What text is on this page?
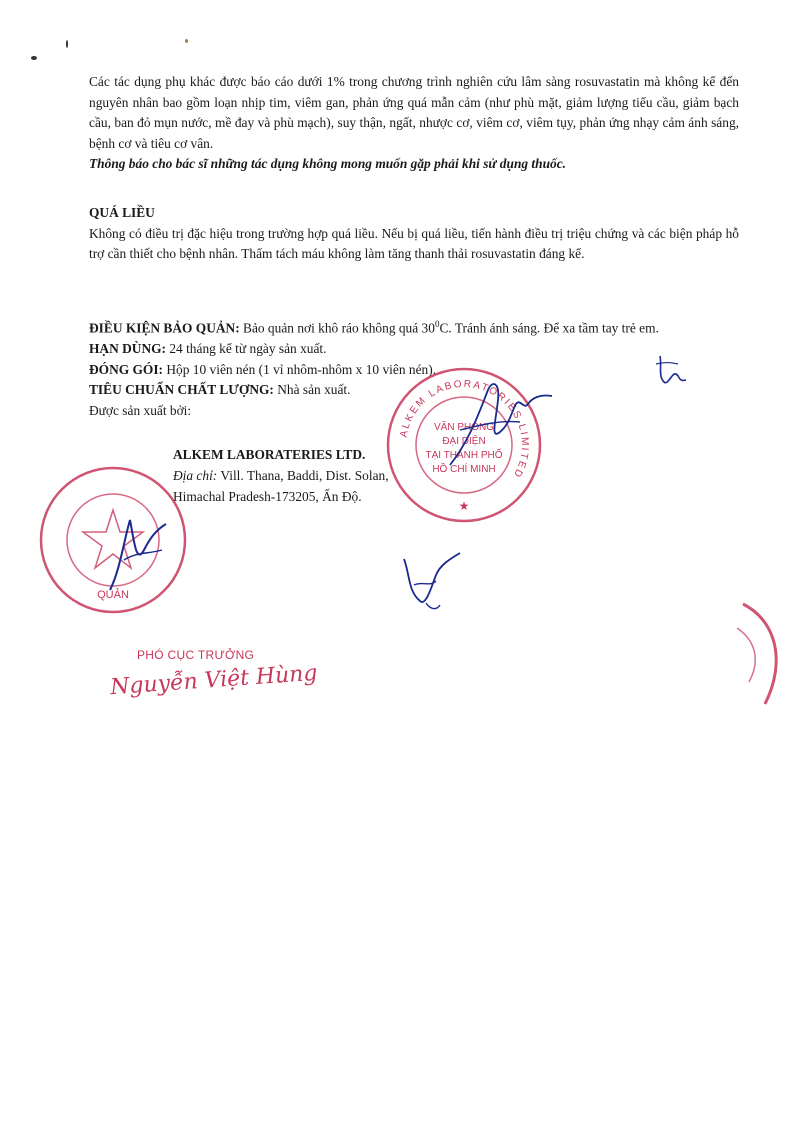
Các tác dụng phụ khác được báo cáo dưới 1% trong chương trình nghiên cứu lâm sàng rosuvastatin mà không kể đến nguyên nhân bao gồm loạn nhịp tim, viêm gan, phản ứng quá mẫn cảm (như phù mặt, giảm lượng tiểu cầu, giảm bạch cầu, ban đỏ mụn nước, mề đay và phù mạch), suy thận, ngất, nhược cơ, viêm cơ, viêm tụy, phản ứng nhạy cảm ánh sáng, bệnh cơ và tiêu cơ vân.

Thông báo cho bác sĩ những tác dụng không mong muốn gặp phải khi sử dụng thuốc.

QUÁ LIỀU

Không có điều trị đặc hiệu trong trường hợp quá liều. Nếu bị quá liều, tiến hành điều trị triệu chứng và các biện pháp hỗ trợ cần thiết cho bệnh nhân. Thẩm tách máu không làm tăng thanh thải rosuvastatin đáng kể.

ĐIỀU KIỆN BẢO QUẢN: Bảo quản nơi khô ráo không quá $30^0C$. Tránh ánh sáng. Để xa tầm tay trẻ em.

HẠN DÙNG: 24 tháng kể từ ngày sản xuất.

ĐÓNG GÓI: Hộp 10 viên nén (1 vỉ nhôm-nhôm x 10 viên nén).

TIÊU CHUẨN CHẤT LƯỢNG: Nhà sản xuất.

Được sản xuất bởi:

ALKEM LABORATERIES LTD.
Địa chỉ: Vill. Thana, Baddi, Dist. Solan,
Himachal Pradesh-173205, Ấn Độ.
ALKEM LABORATORIES LIMITED
VĂN PHÒNG
ĐẠI DIỆN
TẠI THÀNH PHỐ
HỒ CHÍ MINH
★
QUẢN
PHÓ CỤC TRƯỞNG
Nguyễn Việt Hùng
